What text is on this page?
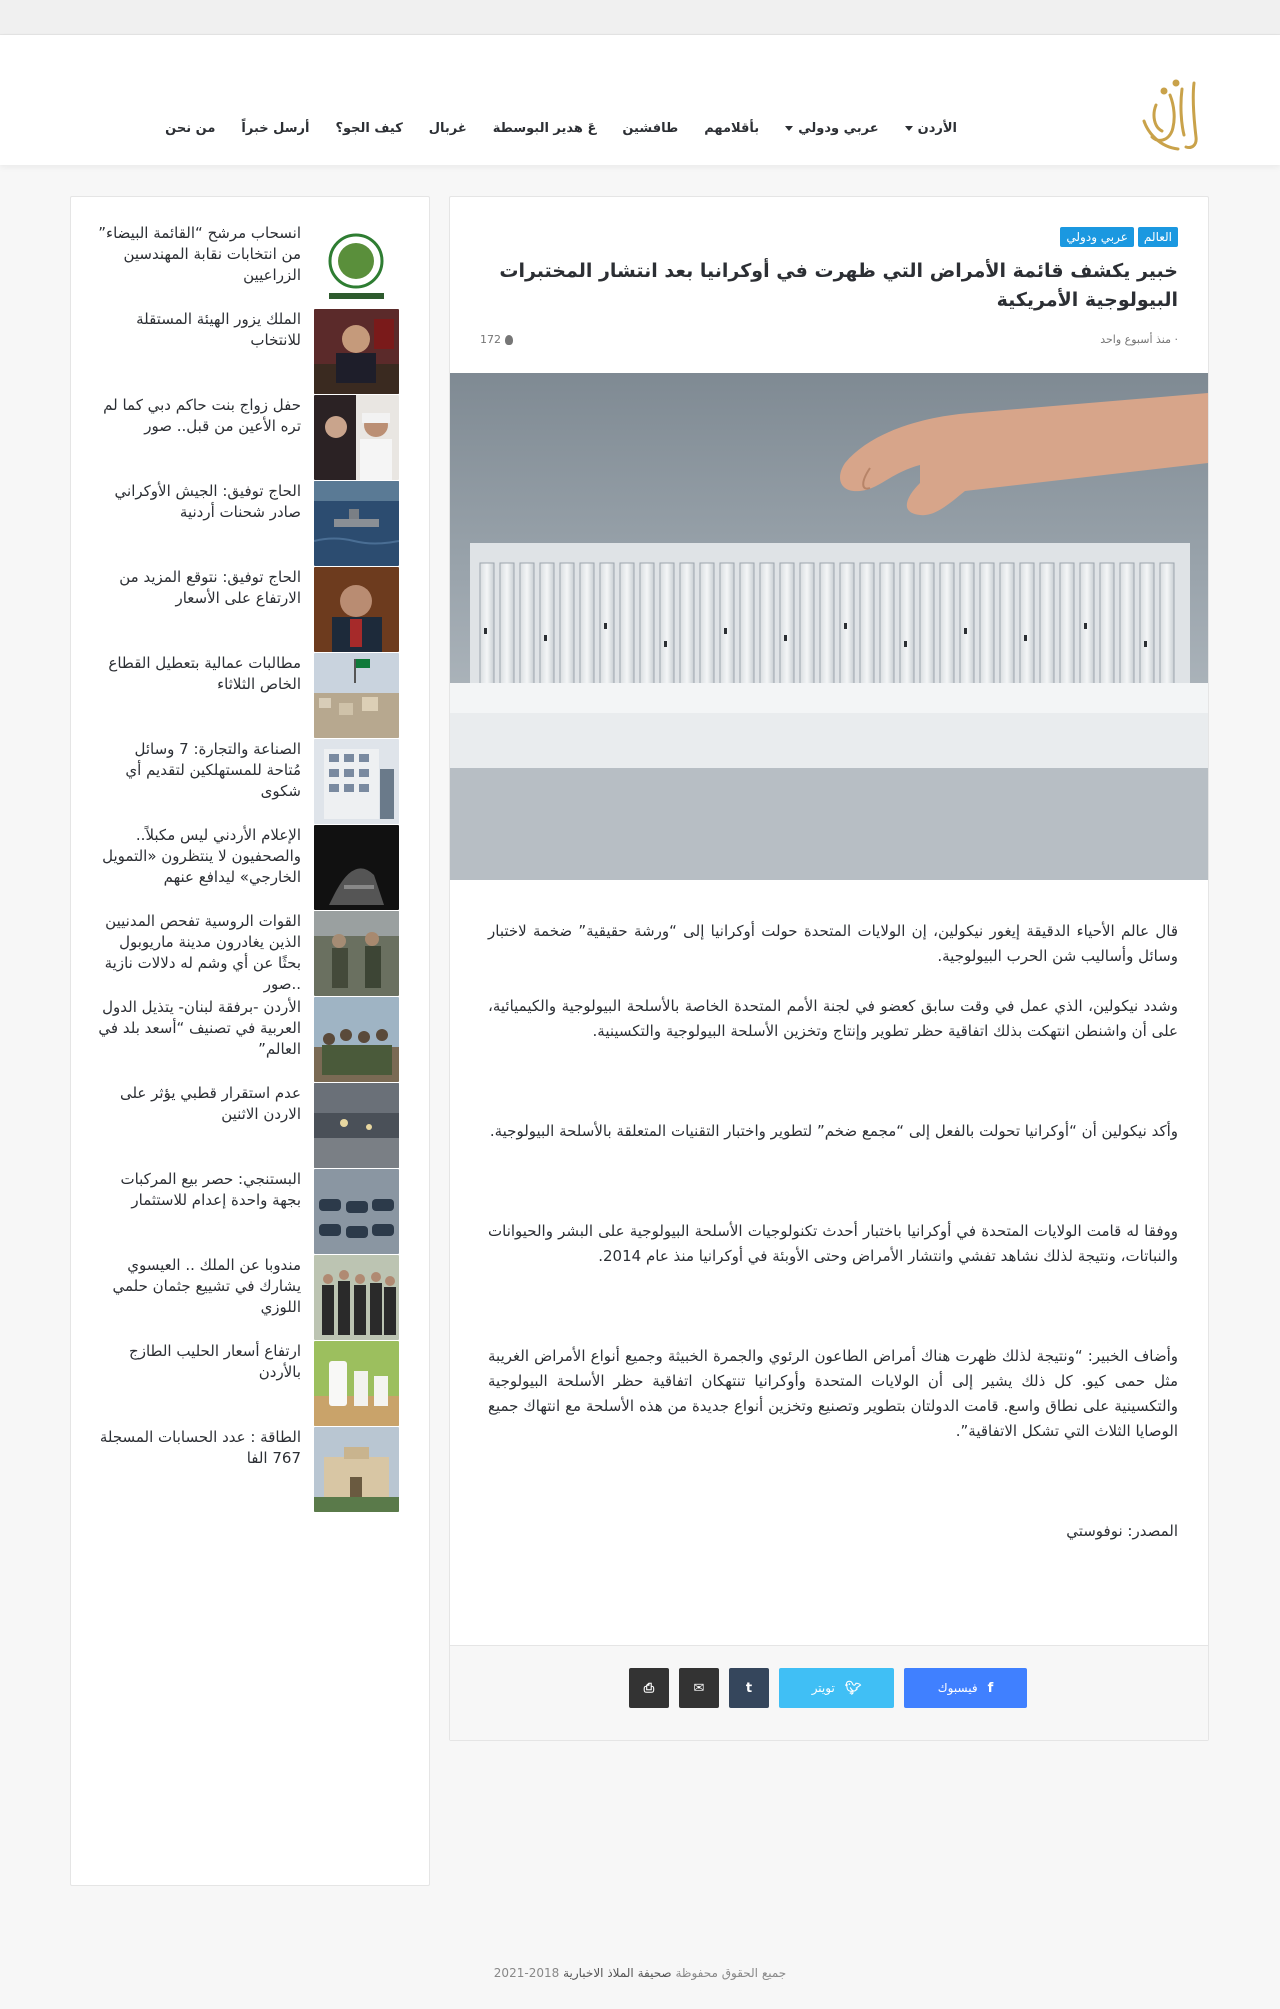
الأردن
عربي ودولي
بأقلامهم
طافشين
عَ هدير البوسطة
غربال
كيف الجو؟
أرسل خبراً
من نحن
العالم
عربي ودولي
خبير يكشف قائمة الأمراض التي ظهرت في أوكرانيا بعد انتشار المختبرات البيولوجية الأمريكية
· منذ أسبوع واحد
172

قال عالم الأحياء الدقيقة إيغور نيكولين، إن الولايات المتحدة حولت أوكرانيا إلى “ورشة حقيقية” ضخمة لاختبار وسائل وأساليب شن الحرب البيولوجية.

وشدد نيكولين، الذي عمل في وقت سابق كعضو في لجنة الأمم المتحدة الخاصة بالأسلحة البيولوجية والكيميائية، على أن واشنطن انتهكت بذلك اتفاقية حظر تطوير وإنتاج وتخزين الأسلحة البيولوجية والتكسينية.

وأكد نيكولين أن “أوكرانيا تحولت بالفعل إلى “مجمع ضخم” لتطوير واختبار التقنيات المتعلقة بالأسلحة البيولوجية.

ووفقا له قامت الولايات المتحدة في أوكرانيا باختبار أحدث تكنولوجيات الأسلحة البيولوجية على البشر والحيوانات والنباتات، ونتيجة لذلك نشاهد تفشي وانتشار الأمراض وحتى الأوبئة في أوكرانيا منذ عام 2014.

وأضاف الخبير: “ونتيجة لذلك ظهرت هناك أمراض الطاعون الرئوي والجمرة الخبيثة وجميع أنواع الأمراض الغريبة مثل حمى كيو. كل ذلك يشير إلى أن الولايات المتحدة وأوكرانيا تنتهكان اتفاقية حظر الأسلحة البيولوجية والتكسينية على نطاق واسع. قامت الدولتان بتطوير وتصنيع وتخزين أنواع جديدة من هذه الأسلحة مع انتهاك جميع الوصايا الثلاث التي تشكل الاتفاقية”.

المصدر: نوفوستي

f
فيسبوك
🐦︎
تويتر
t
✉︎
⎙
انسحاب مرشح “القائمة البيضاء” من انتخابات نقابة المهندسين الزراعيين
الملك يزور الهيئة المستقلة للانتخاب
حفل زواج بنت حاكم دبي كما لم تره الأعين من قبل.. صور
الحاج توفيق: الجيش الأوكراني صادر شحنات أردنية
الحاج توفيق: نتوقع المزيد من الارتفاع على الأسعار
مطالبات عمالية بتعطيل القطاع الخاص الثلاثاء
الصناعة والتجارة: 7 وسائل مُتاحة للمستهلكين لتقديم أي شكوى
الإعلام الأردني ليس مكبلاً.. والصحفيون لا ينتظرون «التمويل الخارجي» ليدافع عنهم
القوات الروسية تفحص المدنيين الذين يغادرون مدينة ماريوبول بحثًا عن أي وشم له دلالات نازية ..صور
الأردن -برفقة لبنان- يتذيل الدول العربية في تصنيف “أسعد بلد في العالم”
عدم استقرار قطبي يؤثر على الاردن الاثنين
البستنجي: حصر بيع المركبات بجهة واحدة إعدام للاستثمار
مندوبا عن الملك .. العيسوي يشارك في تشييع جثمان حلمي اللوزي
ارتفاع أسعار الحليب الطازج بالأردن
الطاقة : عدد الحسابات المسجلة 767 الفا
جميع الحقوق محفوظة صحيفة الملاذ الاخبارية 2018-2021
